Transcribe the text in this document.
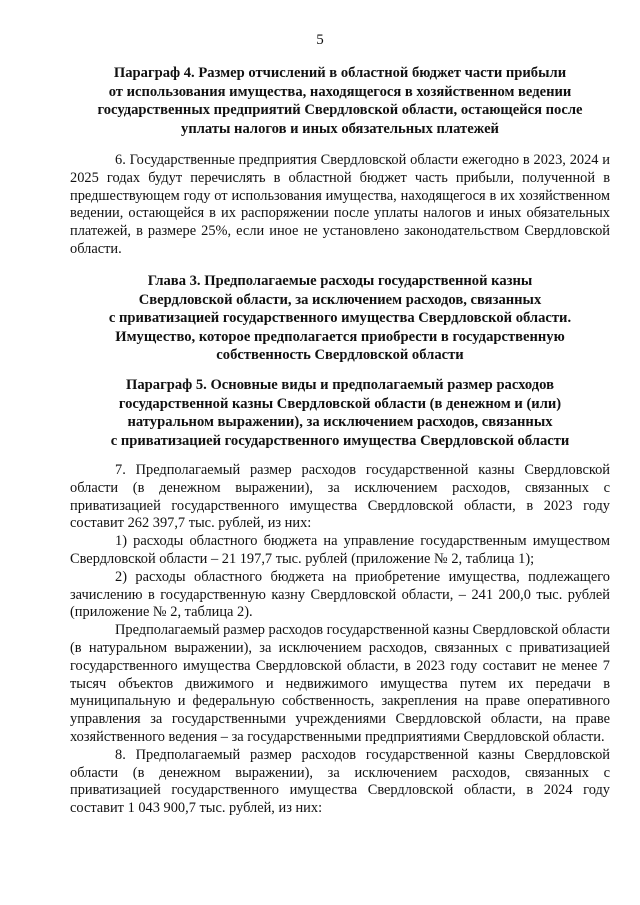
5
Параграф 4. Размер отчислений в областной бюджет части прибыли
от использования имущества, находящегося в хозяйственном ведении
государственных предприятий Свердловской области, остающейся после
уплаты налогов и иных обязательных платежей

6. Государственные предприятия Свердловской области ежегодно в 2023, 2024 и 2025 годах будут перечислять в областной бюджет часть прибыли, полученной в предшествующем году от использования имущества, находящегося в их хозяйственном ведении, остающейся в их распоряжении после уплаты налогов и иных обязательных платежей, в размере 25%, если иное не установлено законодательством Свердловской области.

Глава 3. Предполагаемые расходы государственной казны
Свердловской области, за исключением расходов, связанных
с приватизацией государственного имущества Свердловской области.
Имущество, которое предполагается приобрести в государственную
собственность Свердловской области
Параграф 5. Основные виды и предполагаемый размер расходов
государственной казны Свердловской области (в денежном и (или)
натуральном выражении), за исключением расходов, связанных
с приватизацией государственного имущества Свердловской области

7. Предполагаемый размер расходов государственной казны Свердловской области (в денежном выражении), за исключением расходов, связанных с приватизацией государственного имущества Свердловской области, в 2023 году составит 262 397,7 тыс. рублей, из них:

1) расходы областного бюджета на управление государственным имуществом Свердловской области – 21 197,7 тыс. рублей (приложение № 2, таблица 1);

2) расходы областного бюджета на приобретение имущества, подлежащего зачислению в государственную казну Свердловской области, – 241 200,0 тыс. рублей (приложение № 2, таблица 2).

Предполагаемый размер расходов государственной казны Свердловской области (в натуральном выражении), за исключением расходов, связанных с приватизацией государственного имущества Свердловской области, в 2023 году составит не менее 7 тысяч объектов движимого и недвижимого имущества путем их передачи в муниципальную и федеральную собственность, закрепления на праве оперативного управления за государственными учреждениями Свердловской области, на праве хозяйственного ведения – за государственными предприятиями Свердловской области.

8. Предполагаемый размер расходов государственной казны Свердловской области (в денежном выражении), за исключением расходов, связанных с приватизацией государственного имущества Свердловской области, в 2024 году составит 1 043 900,7 тыс. рублей, из них:
